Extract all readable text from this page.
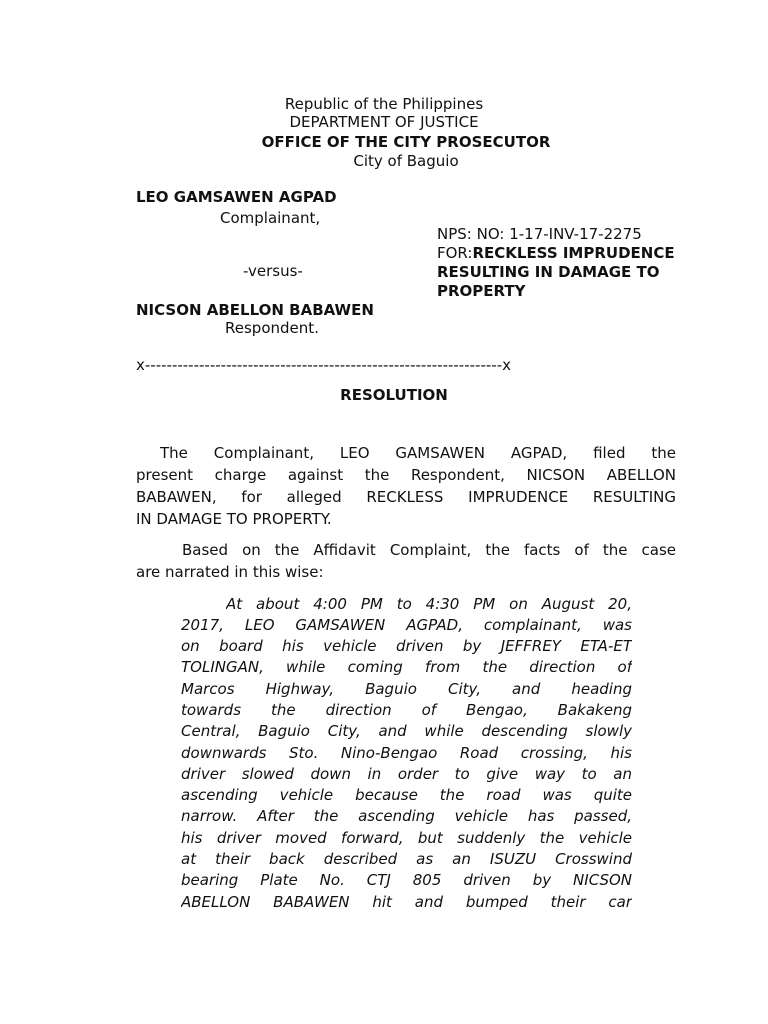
Republic of the Philippines
DEPARTMENT OF JUSTICE
OFFICE OF THE CITY PROSECUTOR
City of Baguio
LEO GAMSAWEN AGPAD
Complainant,
-versus-
NICSON ABELLON BABAWEN
Respondent.
NPS: NO: 1-17-INV-17-2275
FOR:RECKLESS IMPRUDENCE
RESULTING IN DAMAGE TO
PROPERTY
x------------------------------------------------------------------x
RESOLUTION
The Complainant, LEO GAMSAWEN AGPAD, filed the
present charge against the Respondent, NICSON ABELLON
BABAWEN, for alleged RECKLESS IMPRUDENCE RESULTING
IN DAMAGE TO PROPERTY.
Based on the Affidavit Complaint, the facts of the case
are narrated in this wise:
At about 4:00 PM to 4:30 PM on August 20,
2017, LEO GAMSAWEN AGPAD, complainant, was
on board his vehicle driven by JEFFREY ETA-ET
TOLINGAN, while coming from the direction of
Marcos Highway, Baguio City, and heading
towards the direction of Bengao, Bakakeng
Central, Baguio City, and while descending slowly
downwards Sto. Nino-Bengao Road crossing, his
driver slowed down in order to give way to an
ascending vehicle because the road was quite
narrow. After the ascending vehicle has passed,
his driver moved forward, but suddenly the vehicle
at their back described as an ISUZU Crosswind
bearing Plate No. CTJ 805 driven by NICSON
ABELLON BABAWEN hit and bumped their car
